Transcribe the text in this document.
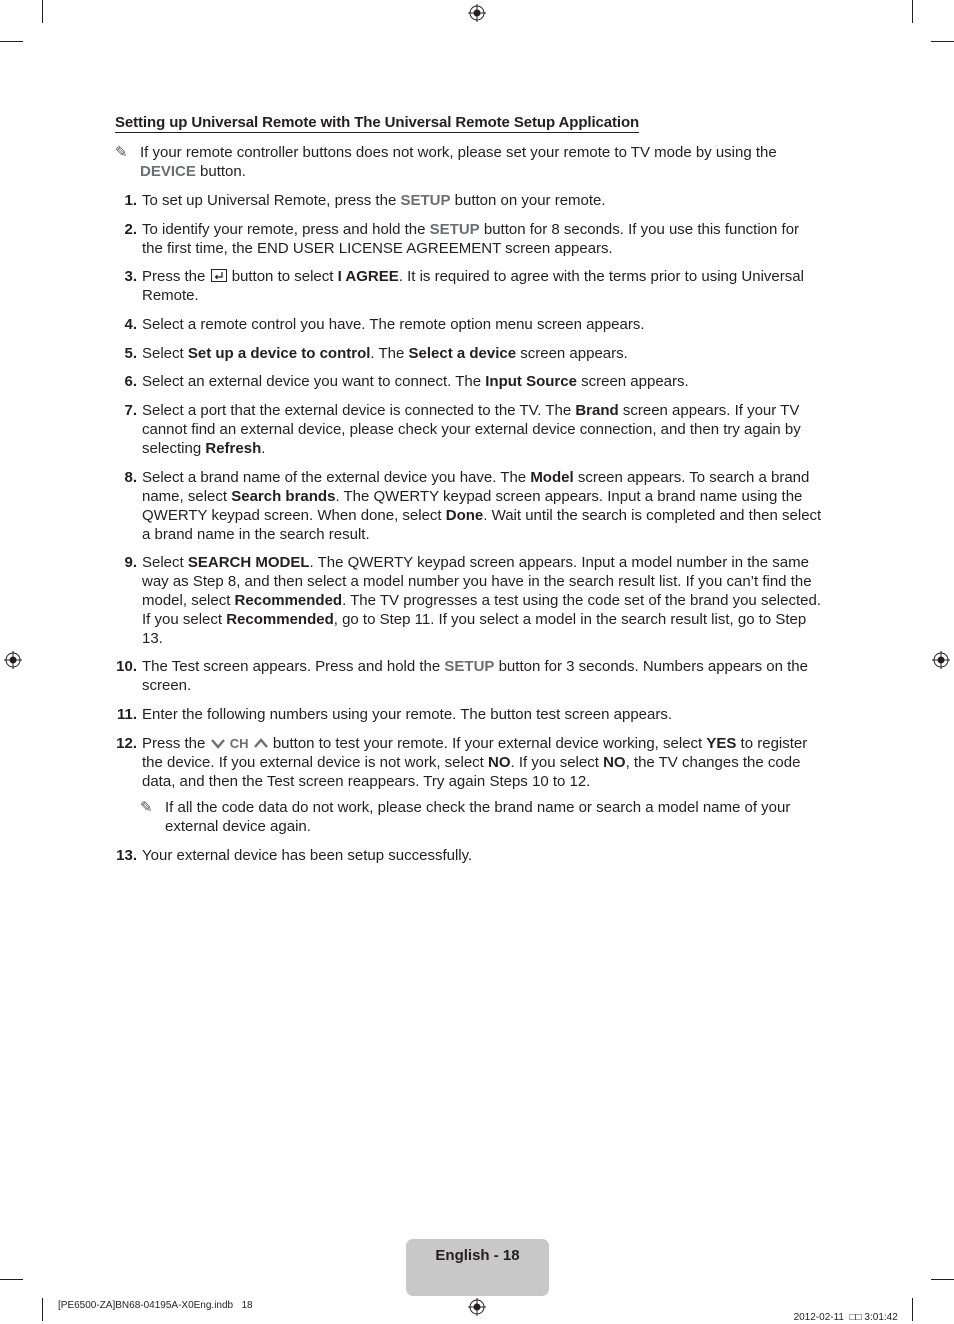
Setting up Universal Remote with The Universal Remote Setup Application
✎ If your remote controller buttons does not work, please set your remote to TV mode by using the
DEVICE button.
1. To set up Universal Remote, press the SETUP button on your remote.
2. To identify your remote, press and hold the SETUP button for 8 seconds. If you use this function for
the first time, the END USER LICENSE AGREEMENT screen appears.
3. Press the  button to select I AGREE. It is required to agree with the terms prior to using Universal
Remote.
4. Select a remote control you have. The remote option menu screen appears.
5. Select Set up a device to control. The Select a device screen appears.
6. Select an external device you want to connect. The Input Source screen appears.
7. Select a port that the external device is connected to the TV. The Brand screen appears. If your TV
cannot find an external device, please check your external device connection, and then try again by
selecting Refresh.
8. Select a brand name of the external device you have. The Model screen appears. To search a brand
name, select Search brands. The QWERTY keypad screen appears. Input a brand name using the
QWERTY keypad screen. When done, select Done. Wait until the search is completed and then select
a brand name in the search result.
9. Select SEARCH MODEL. The QWERTY keypad screen appears. Input a model number in the same
way as Step 8, and then select a model number you have in the search result list. If you can’t find the
model, select Recommended. The TV progresses a test using the code set of the brand you selected.
If you select Recommended, go to Step 11. If you select a model in the search result list, go to Step
13.
10. The Test screen appears. Press and hold the SETUP button for 3 seconds. Numbers appears on the
screen.
11. Enter the following numbers using your remote. The button test screen appears.
12. Press the  CH  button to test your remote. If your external device working, select YES to register
the device. If you external device is not work, select NO. If you select NO, the TV changes the code
data, and then the Test screen reappears. Try again Steps 10 to 12.
✎ If all the code data do not work, please check the brand name or search a model name of your
external device again.
13. Your external device has been setup successfully.
English - 18
[PE6500-ZA]BN68-04195A-X0Eng.indb   18

2012-02-11 □□ 3:01:42
